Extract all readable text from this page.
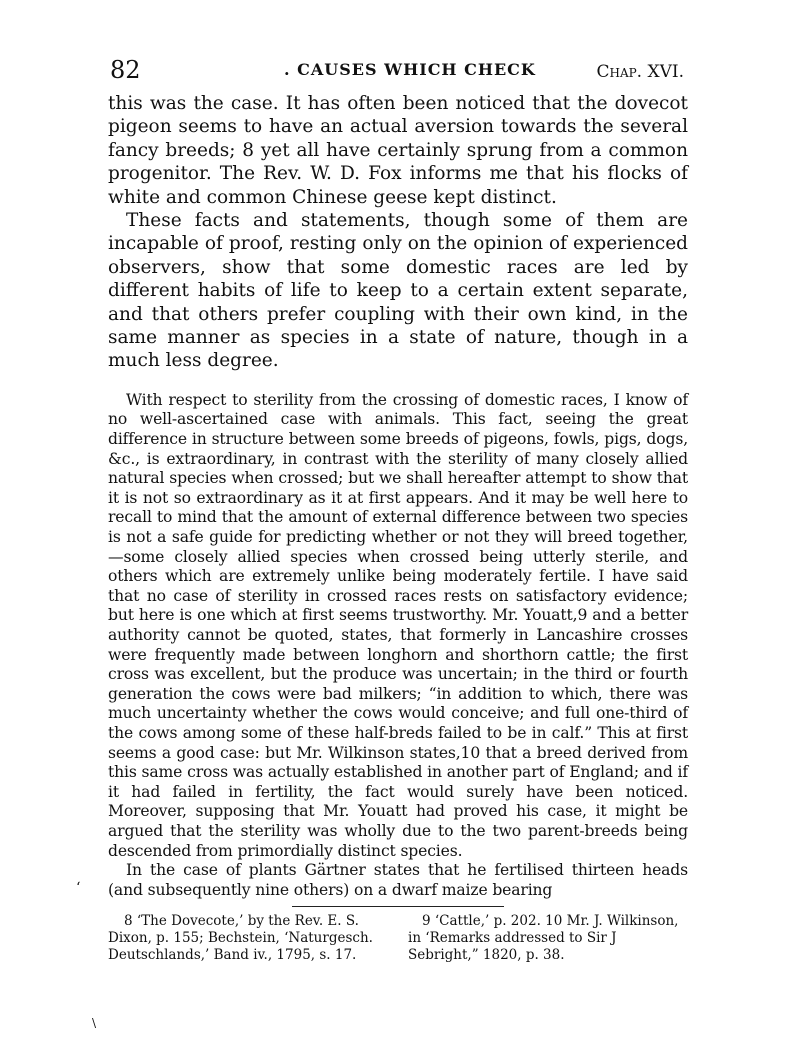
82	. CAUSES WHICH CHECK	Chap. XVI.

this was the case. It has often been noticed that the dovecot pigeon seems to have an actual aversion towards the several fancy breeds; 8 yet all have certainly sprung from a common progenitor. The Rev. W. D. Fox informs me that his flocks of white and common Chinese geese kept distinct.

These facts and statements, though some of them are incapable of proof, resting only on the opinion of experienced observers, show that some domestic races are led by different habits of life to keep to a certain extent separate, and that others prefer coupling with their own kind, in the same manner as species in a state of nature, though in a much less degree.

With respect to sterility from the crossing of domestic races, I know of no well-ascertained case with animals. This fact, seeing the great difference in structure between some breeds of pigeons, fowls, pigs, dogs, &c., is extraordinary, in contrast with the sterility of many closely allied natural species when crossed; but we shall hereafter attempt to show that it is not so extraordinary as it at first appears. And it may be well here to recall to mind that the amount of external difference between two species is not a safe guide for predicting whether or not they will breed together,—some closely allied species when crossed being utterly sterile, and others which are extremely unlike being moderately fertile. I have said that no case of sterility in crossed races rests on satisfactory evidence; but here is one which at first seems trustworthy. Mr. Youatt,9 and a better authority cannot be quoted, states, that formerly in Lancashire crosses were frequently made between longhorn and shorthorn cattle; the first cross was excellent, but the produce was uncertain; in the third or fourth generation the cows were bad milkers; “in addition to which, there was much uncertainty whether the cows would conceive; and full one-third of the cows among some of these half-breds failed to be in calf.” This at first seems a good case: but Mr. Wilkinson states,10 that a breed derived from this same cross was actually established in another part of England; and if it had failed in fertility, the fact would surely have been noticed. Moreover, supposing that Mr. Youatt had proved his case, it might be argued that the sterility was wholly due to the two parent-breeds being descended from primordially distinct species.

In the case of plants Gärtner states that he fertilised thirteen heads (and subsequently nine others) on a dwarf maize bearing

8 ‘The Dovecote,’ by the Rev. E. S. Dixon, p. 155; Bechstein, ‘Naturgesch. Deutschlands,’ Band iv., 1795, s. 17.

9 ‘Cattle,’ p. 202. 10 Mr. J. Wilkinson, in ‘Remarks addressed to Sir J Sebright,” 1820, p. 38.

‘
\
